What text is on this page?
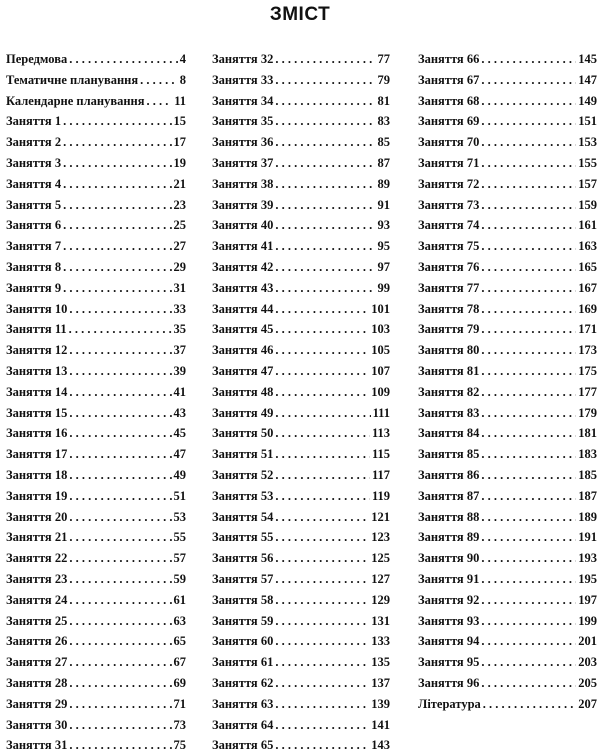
ЗМІСТ
Передмова . . .	4
Тематичне планування . . .	8
Календарне планування . . . 11
Заняття 1 . . .	15
Заняття 2 . . .	17
Заняття 3 . . .	19
Заняття 4 . . .	21
Заняття 5 . . .	23
Заняття 6 . . .	25
Заняття 7 . . .	27
Заняття 8 . . .	29
Заняття 9 . . .	31
Заняття 10 . . .	33
Заняття 11 . . .	35
Заняття 12 . . .	37
Заняття 13 . . .	39
Заняття 14 . . .	41
Заняття 15 . . .	43
Заняття 16 . . .	45
Заняття 17 . . .	47
Заняття 18 . . .	49
Заняття 19 . . .	51
Заняття 20 . . .	53
Заняття 21 . . .	55
Заняття 22 . . .	57
Заняття 23 . . .	59
Заняття 24 . . .	61
Заняття 25 . . .	63
Заняття 26 . . .	65
Заняття 27 . . .	67
Заняття 28 . . .	69
Заняття 29 . . .	71
Заняття 30 . . .	73
Заняття 31 . . .	75
Заняття 32 . . .	77
Заняття 33 . . .	79
Заняття 34 . . .	81
Заняття 35 . . .	83
Заняття 36 . . .	85
Заняття 37 . . .	87
Заняття 38 . . .	89
Заняття 39 . . .	91
Заняття 40 . . .	93
Заняття 41 . . .	95
Заняття 42 . . .	97
Заняття 43 . . .	99
Заняття 44 . . .	101
Заняття 45 . . .	103
Заняття 46 . . .	105
Заняття 47 . . .	107
Заняття 48 . . .	109
Заняття 49 . . .	111
Заняття 50 . . .	113
Заняття 51 . . .	115
Заняття 52 . . .	117
Заняття 53 . . .	119
Заняття 54 . . .	121
Заняття 55 . . .	123
Заняття 56 . . .	125
Заняття 57 . . .	127
Заняття 58 . . .	129
Заняття 59 . . .	131
Заняття 60 . . .	133
Заняття 61 . . .	135
Заняття 62 . . .	137
Заняття 63 . . .	139
Заняття 64 . . .	141
Заняття 65 . . .	143
Заняття 66 . . .	145
Заняття 67 . . .	147
Заняття 68 . . .	149
Заняття 69 . . .	151
Заняття 70 . . .	153
Заняття 71 . . .	155
Заняття 72 . . .	157
Заняття 73 . . .	159
Заняття 74 . . .	161
Заняття 75 . . .	163
Заняття 76 . . .	165
Заняття 77 . . .	167
Заняття 78 . . .	169
Заняття 79 . . .	171
Заняття 80 . . .	173
Заняття 81 . . .	175
Заняття 82 . . .	177
Заняття 83 . . .	179
Заняття 84 . . .	181
Заняття 85 . . .	183
Заняття 86 . . .	185
Заняття 87 . . .	187
Заняття 88 . . .	189
Заняття 89 . . .	191
Заняття 90 . . .	193
Заняття 91 . . .	195
Заняття 92 . . .	197
Заняття 93 . . .	199
Заняття 94 . . .	201
Заняття 95 . . .	203
Заняття 96 . . .	205
Література . . .	207
